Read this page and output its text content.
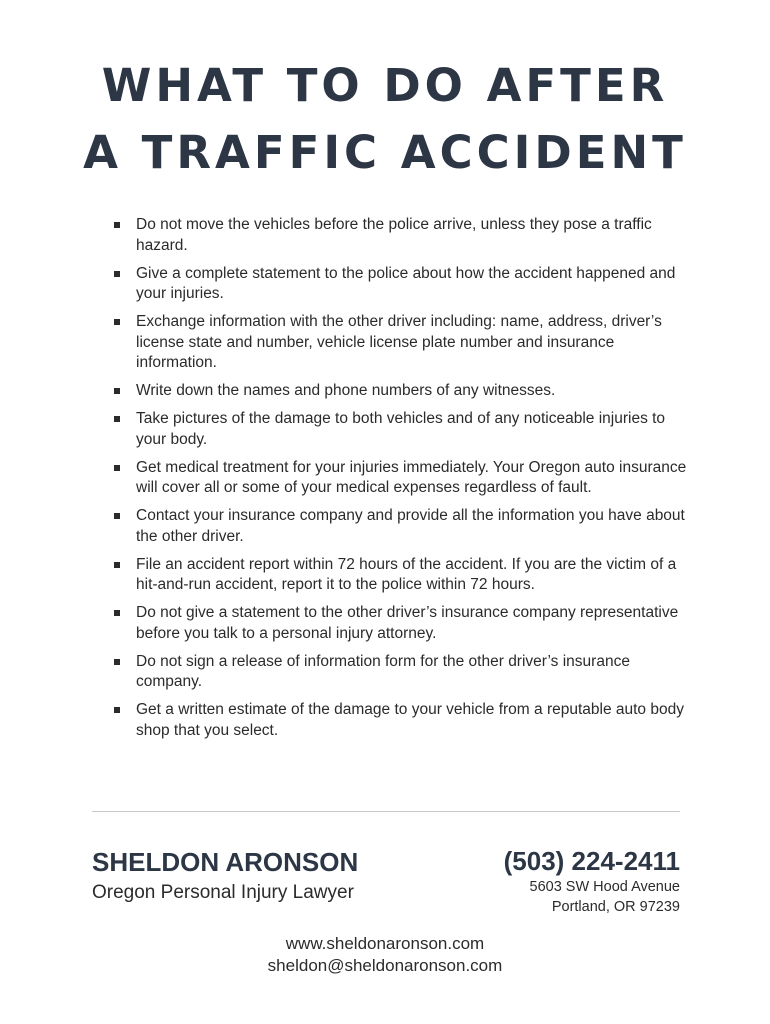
WHAT TO DO AFTER
A TRAFFIC ACCIDENT
Do not move the vehicles before the police arrive, unless they pose a traffic hazard.
Give a complete statement to the police about how the accident happened and your injuries.
Exchange information with the other driver including: name, address, driver’s license state and number, vehicle license plate number and insurance information.
Write down the names and phone numbers of any witnesses.
Take pictures of the damage to both vehicles and of any noticeable injuries to your body.
Get medical treatment for your injuries immediately. Your Oregon auto insurance will cover all or some of your medical expenses regardless of fault.
Contact your insurance company and provide all the information you have about the other driver.
File an accident report within 72 hours of the accident. If you are the victim of a hit-and-run accident, report it to the police within 72 hours.
Do not give a statement to the other driver’s insurance company representative before you talk to a personal injury attorney.
Do not sign a release of information form for the other driver’s insurance company.
Get a written estimate of the damage to your vehicle from a reputable auto body shop that you select.
SHELDON ARONSON
Oregon Personal Injury Lawyer
(503) 224-2411
5603 SW Hood Avenue
Portland, OR 97239
www.sheldonaronson.com
sheldon@sheldonaronson.com
